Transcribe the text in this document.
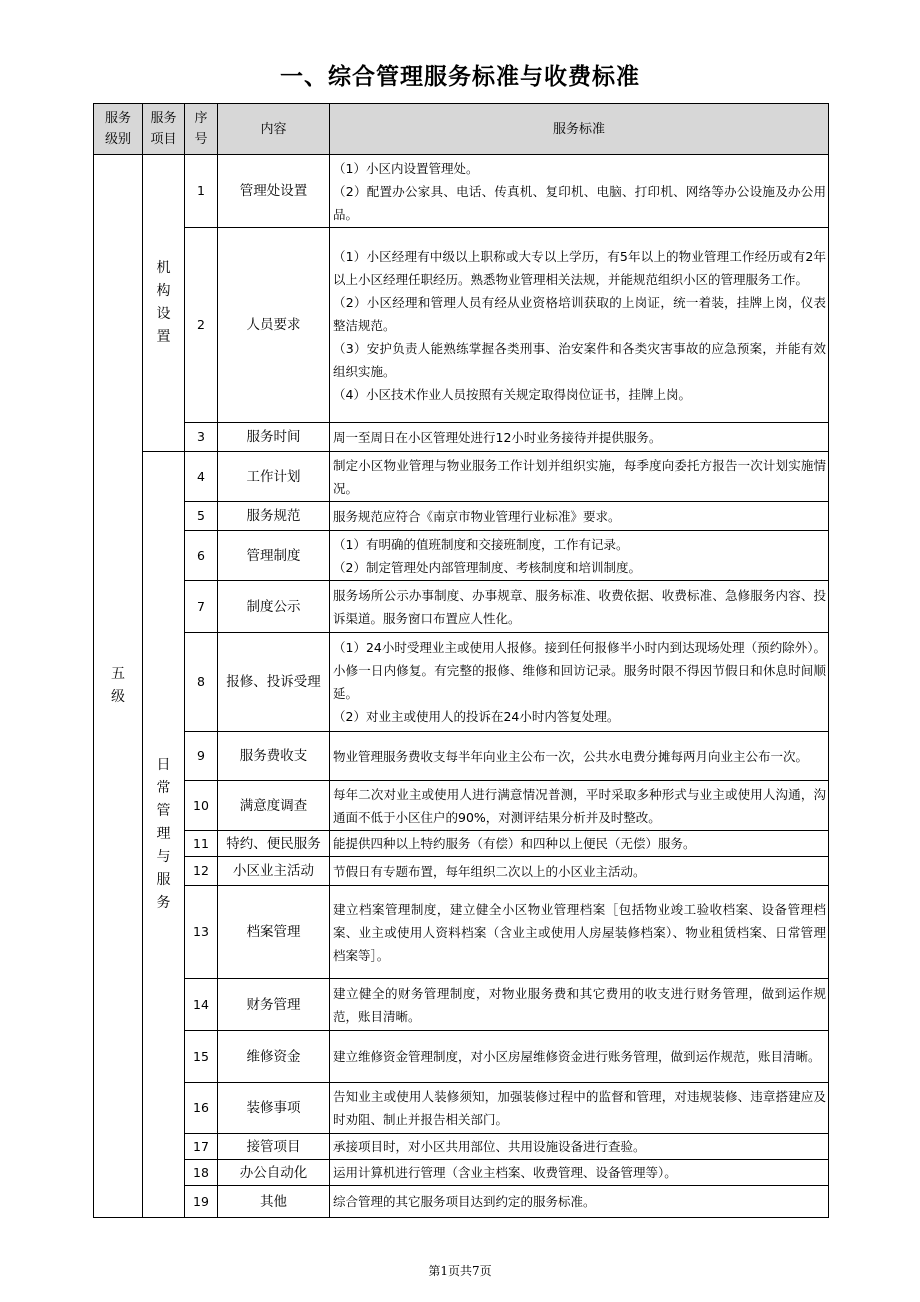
一、综合管理服务标准与收费标准
服务级别	服务项目	序号	内容	服务标准

五级	机构设置	1	管理处设置	（1）小区内设置管理处。
（2）配置办公家具、电话、传真机、复印机、电脑、打印机、网络等办公设施及办公用品。

		2	人员要求	（1）小区经理有中级以上职称或大专以上学历，有5年以上的物业管理工作经历或有2年以上小区经理任职经历。熟悉物业管理相关法规，并能规范组织小区的管理服务工作。
（2）小区经理和管理人员有经从业资格培训获取的上岗证，统一着装，挂牌上岗，仪表整洁规范。
（3）安护负责人能熟练掌握各类刑事、治安案件和各类灾害事故的应急预案，并能有效组织实施。
（4）小区技术作业人员按照有关规定取得岗位证书，挂牌上岗。

		3	服务时间	周一至周日在小区管理处进行12小时业务接待并提供服务。

	日常管理与服务	4	工作计划	制定小区物业管理与物业服务工作计划并组织实施，每季度向委托方报告一次计划实施情况。

		5	服务规范	服务规范应符合《南京市物业管理行业标准》要求。

		6	管理制度	（1）有明确的值班制度和交接班制度，工作有记录。
（2）制定管理处内部管理制度、考核制度和培训制度。

		7	制度公示	服务场所公示办事制度、办事规章、服务标准、收费依据、收费标准、急修服务内容、投诉渠道。服务窗口布置应人性化。

		8	报修、投诉受理	（1）24小时受理业主或使用人报修。接到任何报修半小时内到达现场处理（预约除外）。小修一日内修复。有完整的报修、维修和回访记录。服务时限不得因节假日和休息时间顺延。
（2）对业主或使用人的投诉在24小时内答复处理。

		9	服务费收支	物业管理服务费收支每半年向业主公布一次，公共水电费分摊每两月向业主公布一次。

		10	满意度调查	每年二次对业主或使用人进行满意情况普测，平时采取多种形式与业主或使用人沟通，沟通面不低于小区住户的90%，对测评结果分析并及时整改。

		11	特约、便民服务	能提供四种以上特约服务（有偿）和四种以上便民（无偿）服务。

		12	小区业主活动	节假日有专题布置，每年组织二次以上的小区业主活动。

		13	档案管理	建立档案管理制度，建立健全小区物业管理档案［包括物业竣工验收档案、设备管理档案、业主或使用人资料档案（含业主或使用人房屋装修档案）、物业租赁档案、日常管理档案等］。

		14	财务管理	建立健全的财务管理制度，对物业服务费和其它费用的收支进行财务管理，做到运作规范，账目清晰。

		15	维修资金	建立维修资金管理制度，对小区房屋维修资金进行账务管理，做到运作规范，账目清晰。

		16	装修事项	告知业主或使用人装修须知，加强装修过程中的监督和管理，对违规装修、违章搭建应及时劝阻、制止并报告相关部门。

		17	接管项目	承接项目时，对小区共用部位、共用设施设备进行查验。

		18	办公自动化	运用计算机进行管理（含业主档案、收费管理、设备管理等）。

		19	其他	综合管理的其它服务项目达到约定的服务标准。
第1页共7页
